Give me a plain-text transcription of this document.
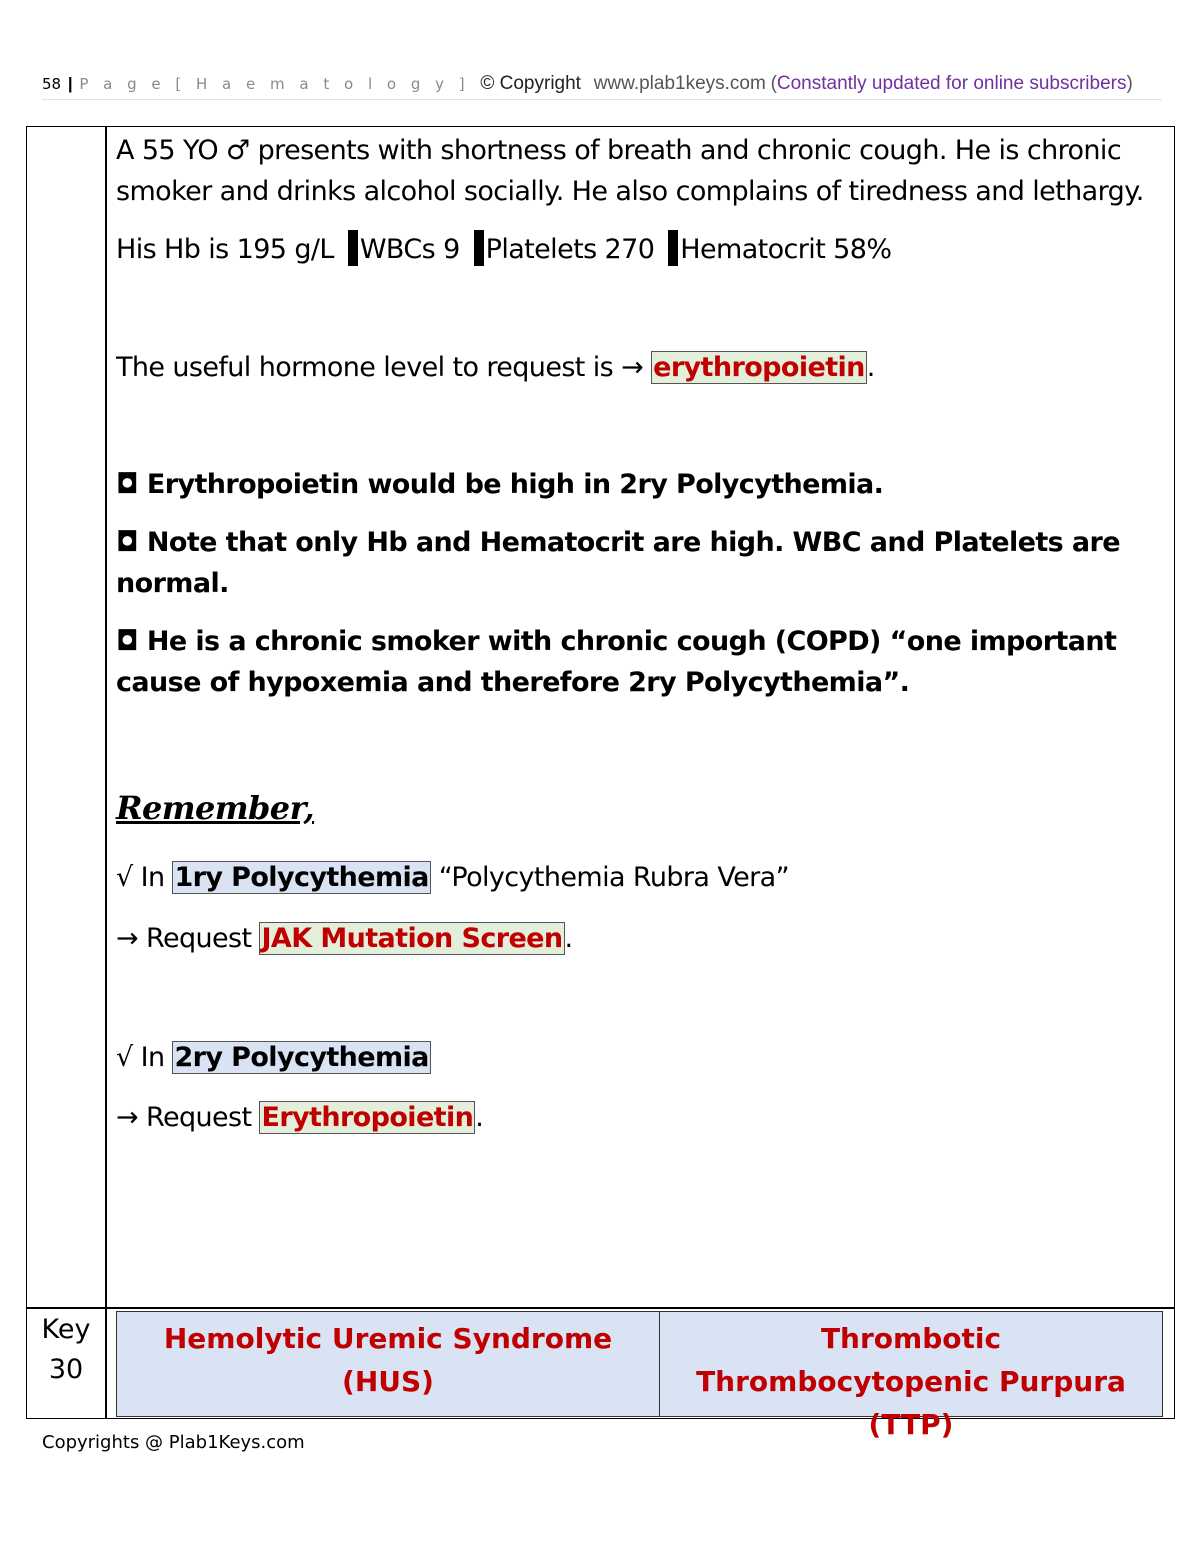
58 | P a g e [ H a e m a t o l o g y ] © Copyright www.plab1keys.com (Constantly updated for online subscribers)

A 55 YO ♂ presents with shortness of breath and chronic cough. He is chronic smoker and drinks alcohol socially. He also complains of tiredness and lethargy.

His Hb is 195 g/L WBCs 9 Platelets 270 Hematocrit 58%

The useful hormone level to request is → erythropoietin.

◘ Erythropoietin would be high in 2ry Polycythemia.

◘ Note that only Hb and Hematocrit are high. WBC and Platelets are normal.

◘ He is a chronic smoker with chronic cough (COPD) “one important cause of hypoxemia and therefore 2ry Polycythemia”.

Remember,

√ In 1ry Polycythemia “Polycythemia Rubra Vera”

→ Request JAK Mutation Screen.

√ In 2ry Polycythemia

→ Request Erythropoietin.

Key
30
Hemolytic Uremic Syndrome (HUS)
Thrombotic Thrombocytopenic Purpura (TTP)
Copyrights @ Plab1Keys.com
